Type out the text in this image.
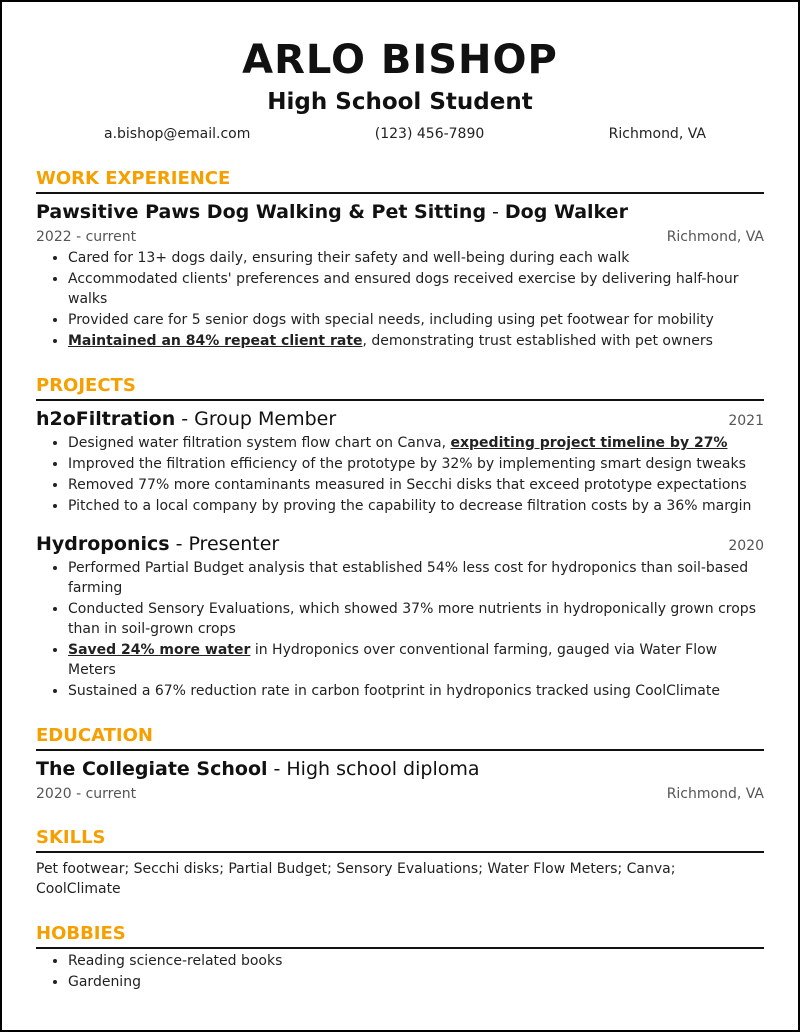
ARLO BISHOP
High School Student
a.bishop@email.com	(123) 456-7890	Richmond, VA
WORK EXPERIENCE
Pawsitive Paws Dog Walking & Pet Sitting - Dog Walker
2022 - current	Richmond, VA
• Cared for 13+ dogs daily, ensuring their safety and well-being during each walk
• Accommodated clients' preferences and ensured dogs received exercise by delivering half-hour walks
• Provided care for 5 senior dogs with special needs, including using pet footwear for mobility
• Maintained an 84% repeat client rate, demonstrating trust established with pet owners
PROJECTS
h2oFiltration - Group Member	2021
• Designed water filtration system flow chart on Canva, expediting project timeline by 27%
• Improved the filtration efficiency of the prototype by 32% by implementing smart design tweaks
• Removed 77% more contaminants measured in Secchi disks that exceed prototype expectations
• Pitched to a local company by proving the capability to decrease filtration costs by a 36% margin
Hydroponics - Presenter	2020
• Performed Partial Budget analysis that established 54% less cost for hydroponics than soil-based farming
• Conducted Sensory Evaluations, which showed 37% more nutrients in hydroponically grown crops than in soil-grown crops
• Saved 24% more water in Hydroponics over conventional farming, gauged via Water Flow Meters
• Sustained a 67% reduction rate in carbon footprint in hydroponics tracked using CoolClimate
EDUCATION
The Collegiate School - High school diploma
2020 - current	Richmond, VA
SKILLS
Pet footwear; Secchi disks; Partial Budget; Sensory Evaluations; Water Flow Meters; Canva; CoolClimate
HOBBIES
• Reading science-related books
• Gardening
